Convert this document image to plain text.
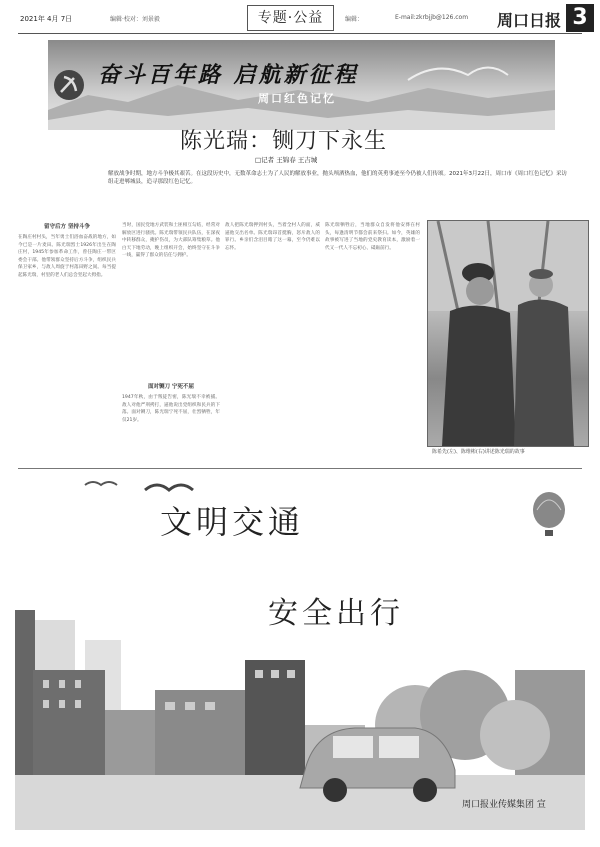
2021年 4月 7日	编辑·校对：刘景毅	专题·公益	编辑：	E-mail:zkrbjjb@126.com 周口日报 3
奋斗百年路 启航新征程
周口红色记忆
陈光瑞：铡刀下永生
□记者 王锦春 王吉城
解放战争时期，地方斗争极其艰苦。在这段历史中，无数革命志士为了人民的解放事业，抛头颅洒热血，他们的英勇事迹至今仍被人们传颂。2021年3月22日，周口市《周口红色记忆》采访组走进郸城县，追寻那段红色记忆。
留守后方 坚持斗争
在陶庄村村头，当年勇士们浴血奋战的地方，如今已是一片麦田。陈光瑞烈士1926年出生在陶庄村，1945年参加革命工作，曾任陶庄一带区委会干部。他带领群众坚持后方斗争，组织民兵保卫家乡，与敌人周旋于村落田野之间。每当提起陈光瑞，村里的老人们总会竖起大拇指。
当时，国民党地方武装和土匪相互勾结，经常对解放区进行骚扰。陈光瑞带领民兵队伍，在深夜中转移群众，掩护伤员，为大部队筹集粮草。他白天下地劳动，晚上组织开会，始终坚守在斗争一线，赢得了群众的信任与拥护。
面对铡刀 宁死不屈
1947年秋，由于叛徒告密，陈光瑞不幸被捕。敌人对他严刑拷打，逼他说出党组织和民兵的下落。面对铡刀，陈光瑞宁死不屈，壮烈牺牲，年仅21岁。
敌人把陈光瑞押到村头，当着全村人的面，威逼他交出名单。陈光瑞昂首挺胸，怒斥敌人的罪行。乡亲们含泪目睹了这一幕，至今仍难以忘怀。
陈光瑞牺牲后，当地群众自发将他安葬在村头，每逢清明节都会前来祭扫。如今，英雄的故事被写进了当地的党史教育读本，激励着一代又一代人不忘初心、砥砺前行。
陈希先(左)、陈维彬(右)讲述陈光瑞的故事
文明交通
安全出行
周口报业传媒集团 宣
